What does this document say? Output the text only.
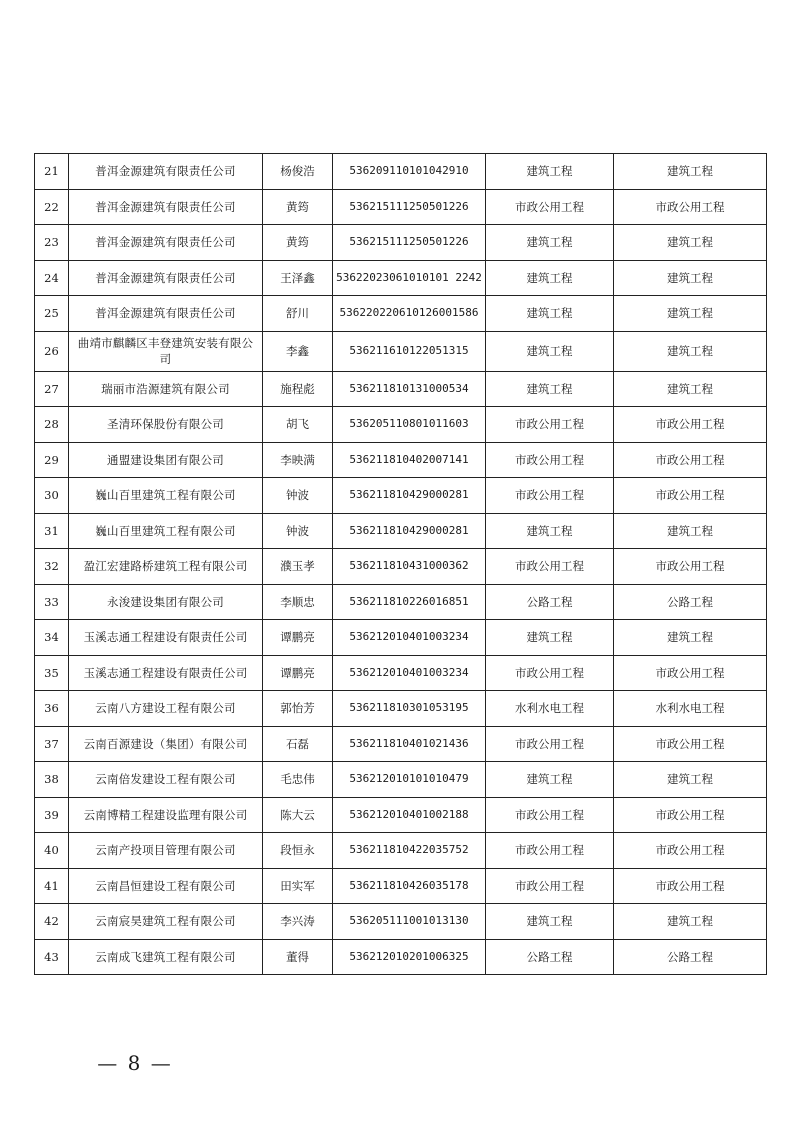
21	普洱金源建筑有限责任公司	杨俊浩	536209110101042910	建筑工程	建筑工程
22	普洱金源建筑有限责任公司	黄筠	536215111250501226	市政公用工程	市政公用工程
23	普洱金源建筑有限责任公司	黄筠	536215111250501226	建筑工程	建筑工程
24	普洱金源建筑有限责任公司	王泽鑫	53622023061010101 2242	建筑工程	建筑工程
25	普洱金源建筑有限责任公司	舒川	536220220610126001586	建筑工程	建筑工程
26	曲靖市麒麟区丰登建筑安装有限公司	李鑫	536211610122051315	建筑工程	建筑工程
27	瑞丽市浩源建筑有限公司	施程彪	536211810131000534	建筑工程	建筑工程
28	圣清环保股份有限公司	胡飞	536205110801011603	市政公用工程	市政公用工程
29	通盟建设集团有限公司	李映满	536211810402007141	市政公用工程	市政公用工程
30	巍山百里建筑工程有限公司	钟波	536211810429000281	市政公用工程	市政公用工程
31	巍山百里建筑工程有限公司	钟波	536211810429000281	建筑工程	建筑工程
32	盈江宏建路桥建筑工程有限公司	濮玉孝	536211810431000362	市政公用工程	市政公用工程
33	永浚建设集团有限公司	李顺忠	536211810226016851	公路工程	公路工程
34	玉溪志通工程建设有限责任公司	谭鹏亮	536212010401003234	建筑工程	建筑工程
35	玉溪志通工程建设有限责任公司	谭鹏亮	536212010401003234	市政公用工程	市政公用工程
36	云南八方建设工程有限公司	郭怡芳	536211810301053195	水利水电工程	水利水电工程
37	云南百源建设（集团）有限公司	石磊	536211810401021436	市政公用工程	市政公用工程
38	云南倍发建设工程有限公司	毛忠伟	536212010101010479	建筑工程	建筑工程
39	云南博精工程建设监理有限公司	陈大云	536212010401002188	市政公用工程	市政公用工程
40	云南产投项目管理有限公司	段恒永	536211810422035752	市政公用工程	市政公用工程
41	云南昌恒建设工程有限公司	田实军	536211810426035178	市政公用工程	市政公用工程
42	云南宸昊建筑工程有限公司	李兴涛	536205111001013130	建筑工程	建筑工程
43	云南成飞建筑工程有限公司	董得	536212010201006325	公路工程	公路工程
— 8 —
